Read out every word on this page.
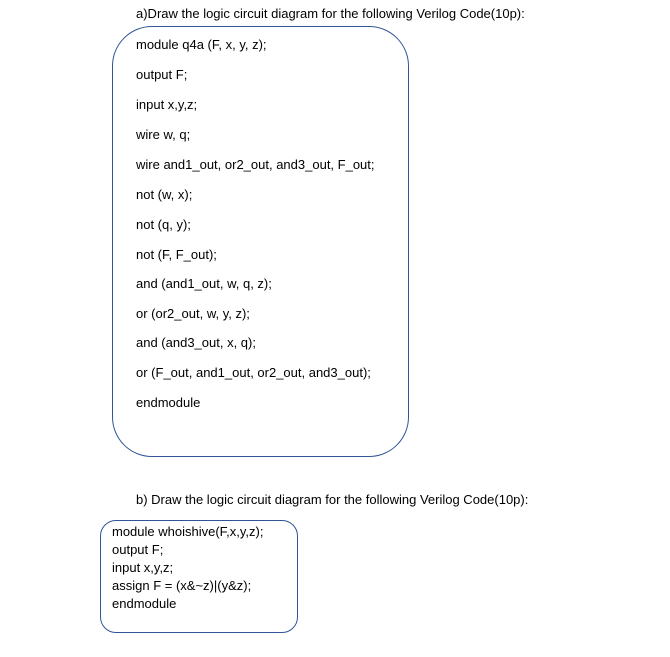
a)Draw the logic circuit diagram for the following Verilog Code(10p):
module q4a (F, x, y, z);
output F;
input x,y,z;
wire w, q;
wire and1_out, or2_out, and3_out, F_out;
not (w, x);
not (q, y);
not (F, F_out);
and (and1_out, w, q, z);
or (or2_out, w, y, z);
and (and3_out, x, q);
or (F_out, and1_out, or2_out, and3_out);
endmodule
b) Draw the logic circuit diagram for the following Verilog Code(10p):
module whoishive(F,x,y,z);
output F;
input x,y,z;
assign F = (x&~z)|(y&z);
endmodule
